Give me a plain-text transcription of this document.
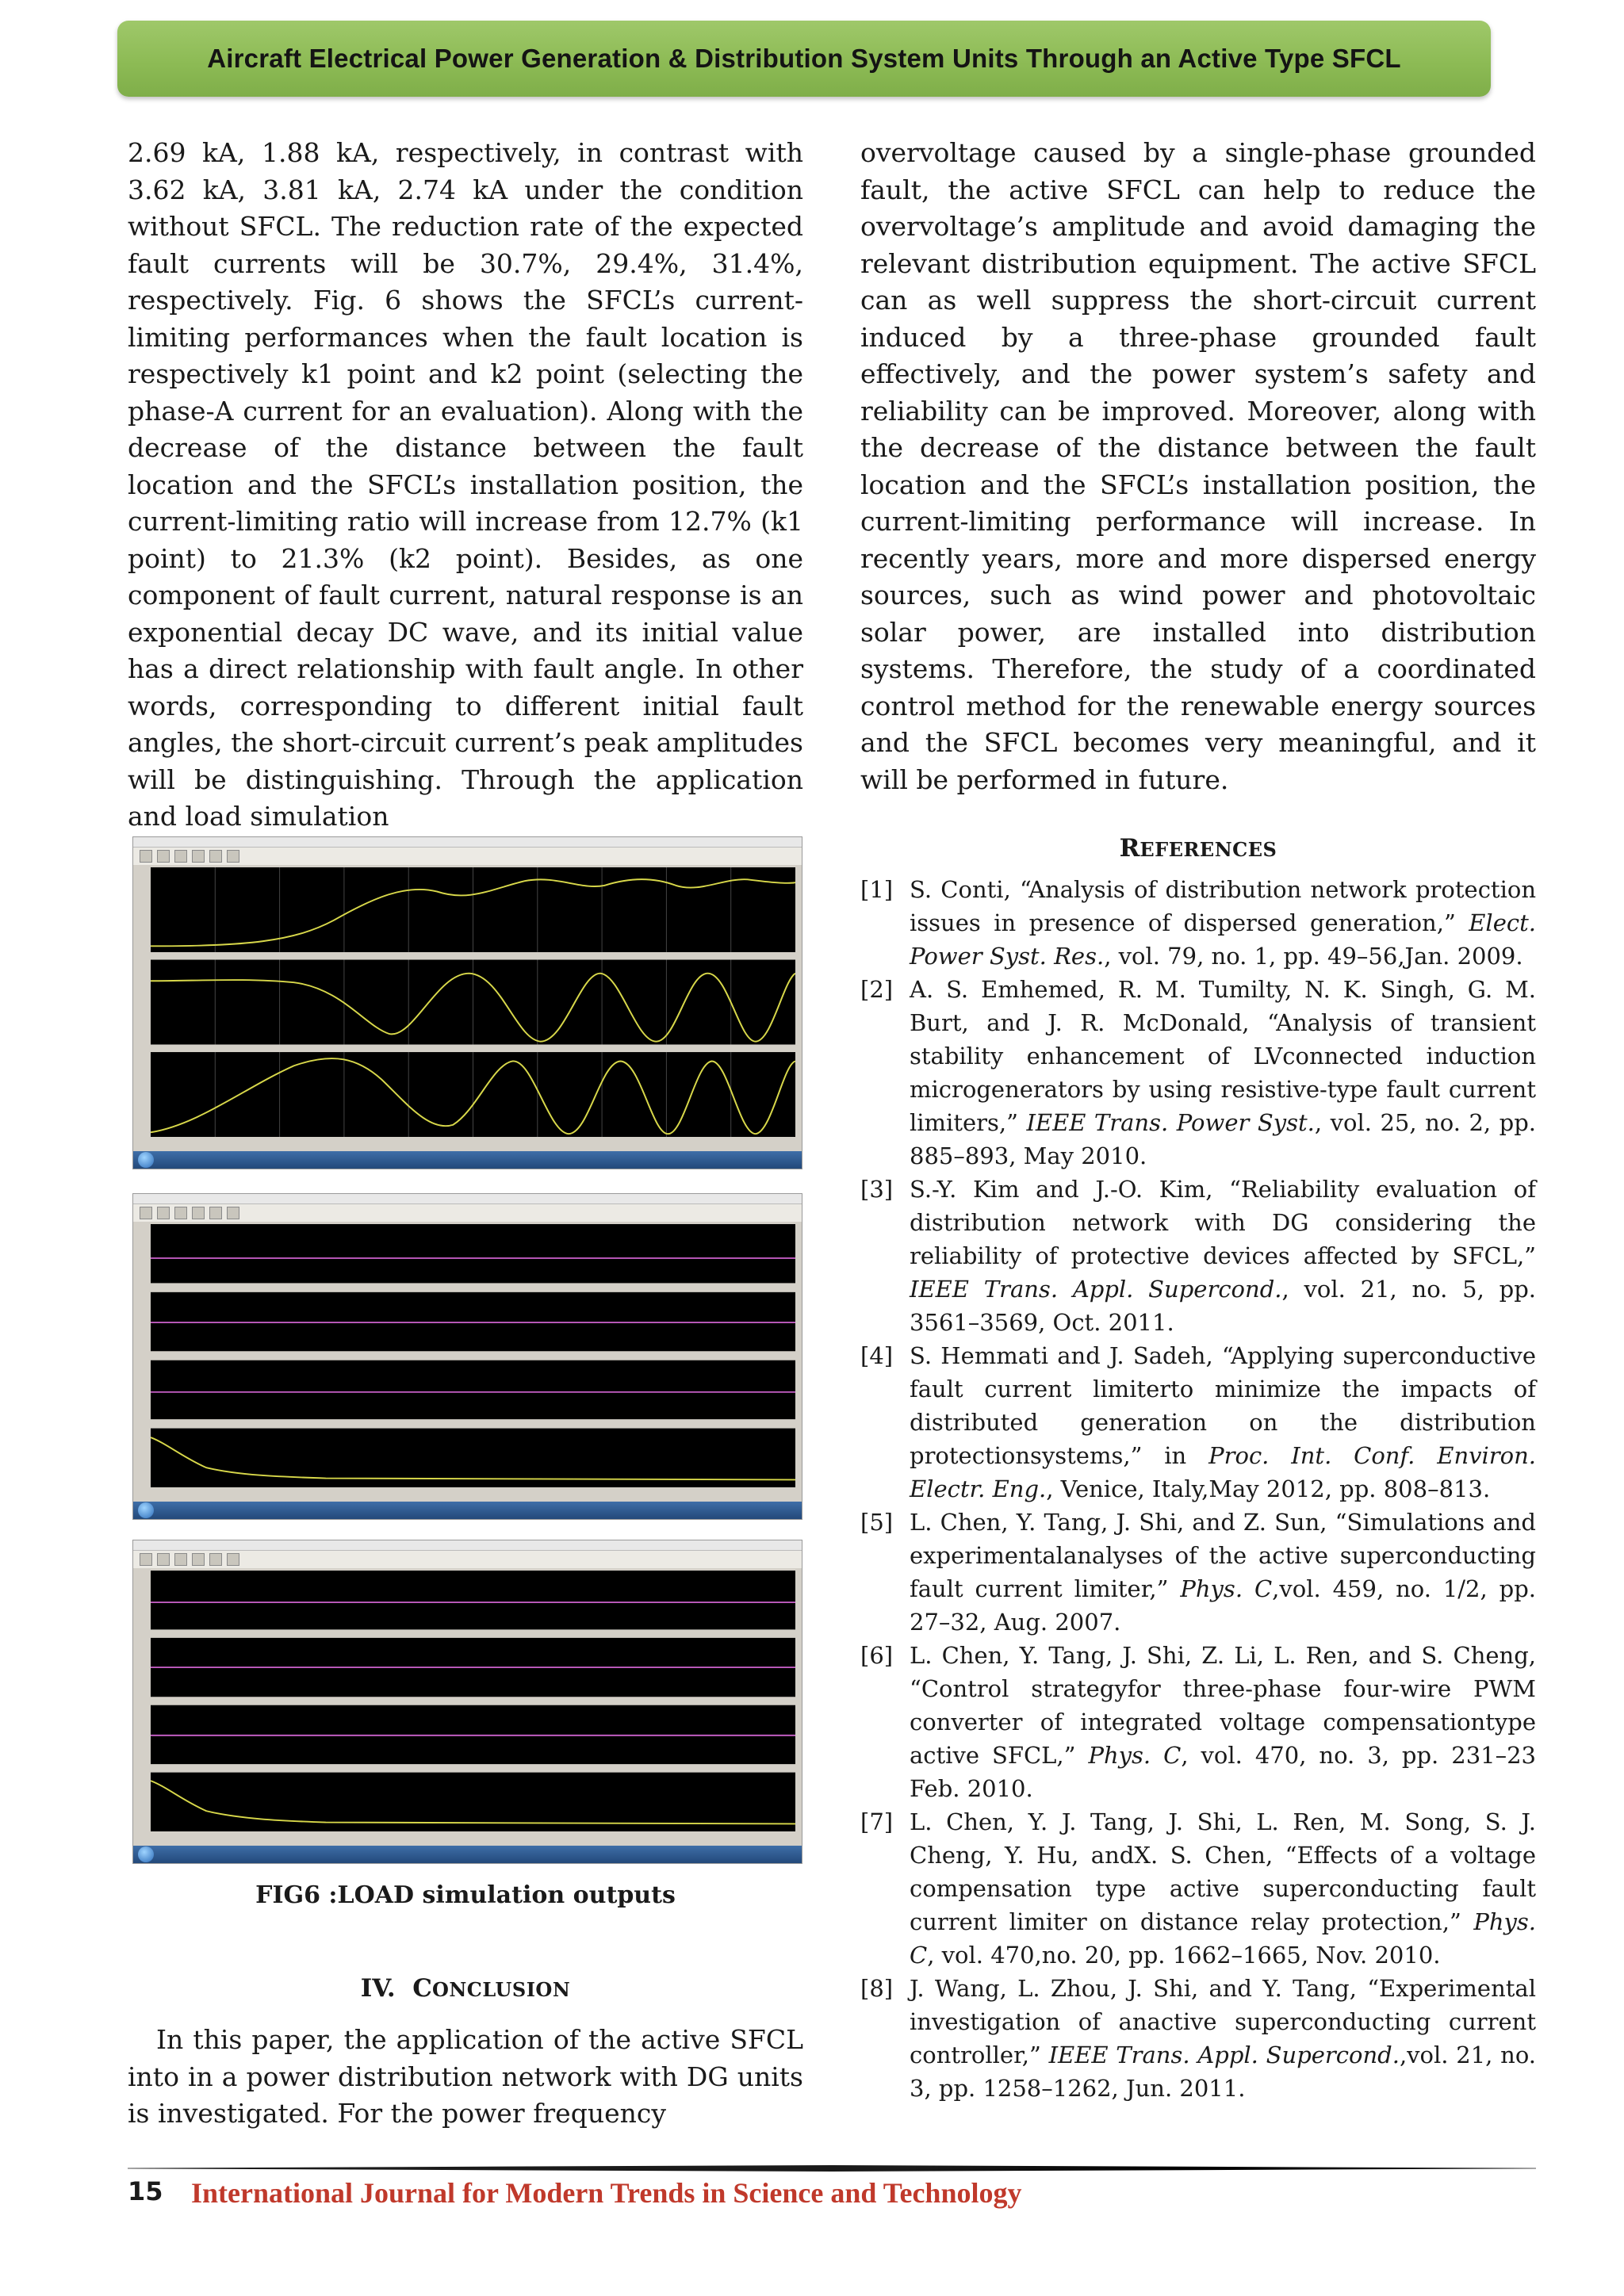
Aircraft Electrical Power Generation & Distribution System Units Through an Active Type SFCL

2.69 kA, 1.88 kA, respectively, in contrast with 3.62 kA, 3.81 kA, 2.74 kA under the condition without SFCL. The reduction rate of the expected fault currents will be 30.7%, 29.4%, 31.4%, respectively. Fig. 6 shows the SFCL’s current-limiting performances when the fault location is respectively k1 point and k2 point (selecting the phase-A current for an evaluation). Along with the decrease of the distance between the fault location and the SFCL’s installation position, the current-limiting ratio will increase from 12.7% (k1 point) to 21.3% (k2 point). Besides, as one component of fault current, natural response is an exponential decay DC wave, and its initial value has a direct relationship with fault angle. In other words, corresponding to different initial fault angles, the short-circuit current’s peak amplitudes will be distinguishing. Through the application and load simulation

FIG6 :LOAD simulation outputs
IV. CONCLUSION

In this paper, the application of the active SFCL into in a power distribution network with DG units is investigated. For the power frequency

overvoltage caused by a single-phase grounded fault, the active SFCL can help to reduce the overvoltage’s amplitude and avoid damaging the relevant distribution equipment. The active SFCL can as well suppress the short-circuit current induced by a three-phase grounded fault effectively, and the power system’s safety and reliability can be improved. Moreover, along with the decrease of the distance between the fault location and the SFCL’s installation position, the current-limiting performance will increase. In recently years, more and more dispersed energy sources, such as wind power and photovoltaic solar power, are installed into distribution systems. Therefore, the study of a coordinated control method for the renewable energy sources and the SFCL becomes very meaningful, and it will be performed in future.

REFERENCES
[1] S. Conti, “Analysis of distribution network protection issues in presence of dispersed generation,” Elect. Power Syst. Res., vol. 79, no. 1, pp. 49–56,Jan. 2009.
[2] A. S. Emhemed, R. M. Tumilty, N. K. Singh, G. M. Burt, and J. R. McDonald, “Analysis of transient stability enhancement of LVconnected induction microgenerators by using resistive-type fault current limiters,” IEEE Trans. Power Syst., vol. 25, no. 2, pp. 885–893, May 2010.
[3] S.-Y. Kim and J.-O. Kim, “Reliability evaluation of distribution network with DG considering the reliability of protective devices affected by SFCL,” IEEE Trans. Appl. Supercond., vol. 21, no. 5, pp. 3561–3569, Oct. 2011.
[4] S. Hemmati and J. Sadeh, “Applying superconductive fault current limiterto minimize the impacts of distributed generation on the distribution protectionsystems,” in Proc. Int. Conf. Environ. Electr. Eng., Venice, Italy,May 2012, pp. 808–813.
[5] L. Chen, Y. Tang, J. Shi, and Z. Sun, “Simulations and experimentalanalyses of the active superconducting fault current limiter,” Phys. C,vol. 459, no. 1/2, pp. 27–32, Aug. 2007.
[6] L. Chen, Y. Tang, J. Shi, Z. Li, L. Ren, and S. Cheng, “Control strategyfor three-phase four-wire PWM converter of integrated voltage compensationtype active SFCL,” Phys. C, vol. 470, no. 3, pp. 231–23 Feb. 2010.
[7] L. Chen, Y. J. Tang, J. Shi, L. Ren, M. Song, S. J. Cheng, Y. Hu, andX. S. Chen, “Effects of a voltage compensation type active superconducting fault current limiter on distance relay protection,” Phys. C, vol. 470,no. 20, pp. 1662–1665, Nov. 2010.
[8] J. Wang, L. Zhou, J. Shi, and Y. Tang, “Experimental investigation of anactive superconducting current controller,” IEEE Trans. Appl. Supercond.,vol. 21, no. 3, pp. 1258–1262, Jun. 2011.
15 International Journal for Modern Trends in Science and Technology
